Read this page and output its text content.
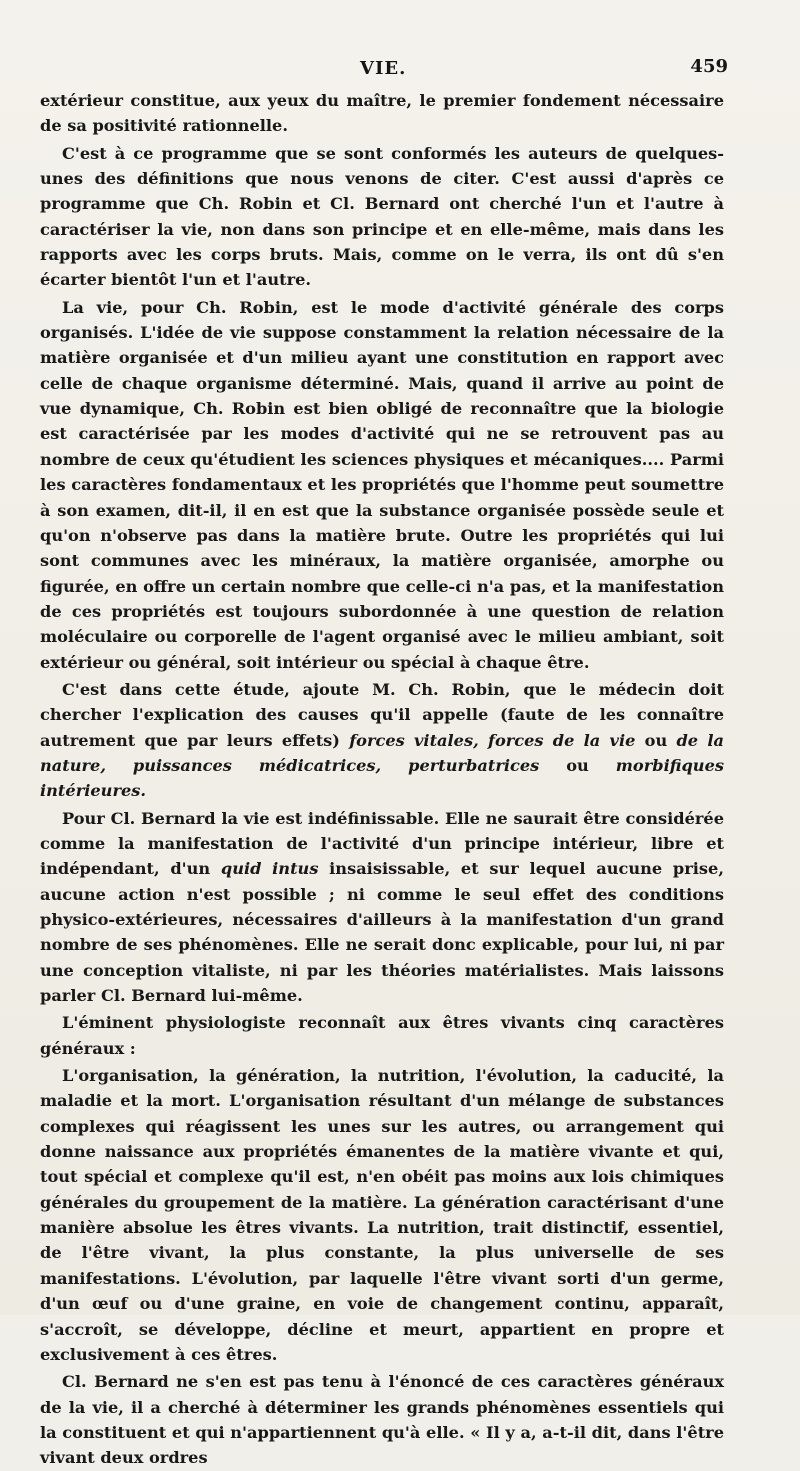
VIE.	459

extérieur constitue, aux yeux du maître, le premier fondement nécessaire de sa positivité rationnelle.

C'est à ce programme que se sont conformés les auteurs de quelques-unes des définitions que nous venons de citer. C'est aussi d'après ce programme que Ch. Robin et Cl. Bernard ont cherché l'un et l'autre à caractériser la vie, non dans son principe et en elle-même, mais dans les rapports avec les corps bruts. Mais, comme on le verra, ils ont dû s'en écarter bientôt l'un et l'autre.

La vie, pour Ch. Robin, est le mode d'activité générale des corps organisés. L'idée de vie suppose constamment la relation nécessaire de la matière organisée et d'un milieu ayant une constitution en rapport avec celle de chaque organisme déterminé. Mais, quand il arrive au point de vue dynamique, Ch. Robin est bien obligé de reconnaître que la biologie est caractérisée par les modes d'activité qui ne se retrouvent pas au nombre de ceux qu'étudient les sciences physiques et mécaniques.... Parmi les caractères fondamentaux et les propriétés que l'homme peut soumettre à son examen, dit-il, il en est que la substance organisée possède seule et qu'on n'observe pas dans la matière brute. Outre les propriétés qui lui sont communes avec les minéraux, la matière organisée, amorphe ou figurée, en offre un certain nombre que celle-ci n'a pas, et la manifestation de ces propriétés est toujours subordonnée à une question de relation moléculaire ou corporelle de l'agent organisé avec le milieu ambiant, soit extérieur ou général, soit intérieur ou spécial à chaque être.

C'est dans cette étude, ajoute M. Ch. Robin, que le médecin doit chercher l'explication des causes qu'il appelle (faute de les connaître autrement que par leurs effets) forces vitales, forces de la vie ou de la nature, puissances médicatrices, perturbatrices ou morbifiques intérieures.

Pour Cl. Bernard la vie est indéfinissable. Elle ne saurait être considérée comme la manifestation de l'activité d'un principe intérieur, libre et indépendant, d'un quid intus insaisissable, et sur lequel aucune prise, aucune action n'est possible ; ni comme le seul effet des conditions physico-extérieures, nécessaires d'ailleurs à la manifestation d'un grand nombre de ses phénomènes. Elle ne serait donc explicable, pour lui, ni par une conception vitaliste, ni par les théories matérialistes. Mais laissons parler Cl. Bernard lui-même.

L'éminent physiologiste reconnaît aux êtres vivants cinq caractères généraux :

L'organisation, la génération, la nutrition, l'évolution, la caducité, la maladie et la mort. L'organisation résultant d'un mélange de substances complexes qui réagissent les unes sur les autres, ou arrangement qui donne naissance aux propriétés émanentes de la matière vivante et qui, tout spécial et complexe qu'il est, n'en obéit pas moins aux lois chimiques générales du groupement de la matière. La génération caractérisant d'une manière absolue les êtres vivants. La nutrition, trait distinctif, essentiel, de l'être vivant, la plus constante, la plus universelle de ses manifestations. L'évolution, par laquelle l'être vivant sorti d'un germe, d'un œuf ou d'une graine, en voie de changement continu, apparaît, s'accroît, se développe, décline et meurt, appartient en propre et exclusivement à ces êtres.

Cl. Bernard ne s'en est pas tenu à l'énoncé de ces caractères généraux de la vie, il a cherché à déterminer les grands phénomènes essentiels qui la constituent et qui n'appartiennent qu'à elle. « Il y a, a-t-il dit, dans l'être vivant deux ordres
